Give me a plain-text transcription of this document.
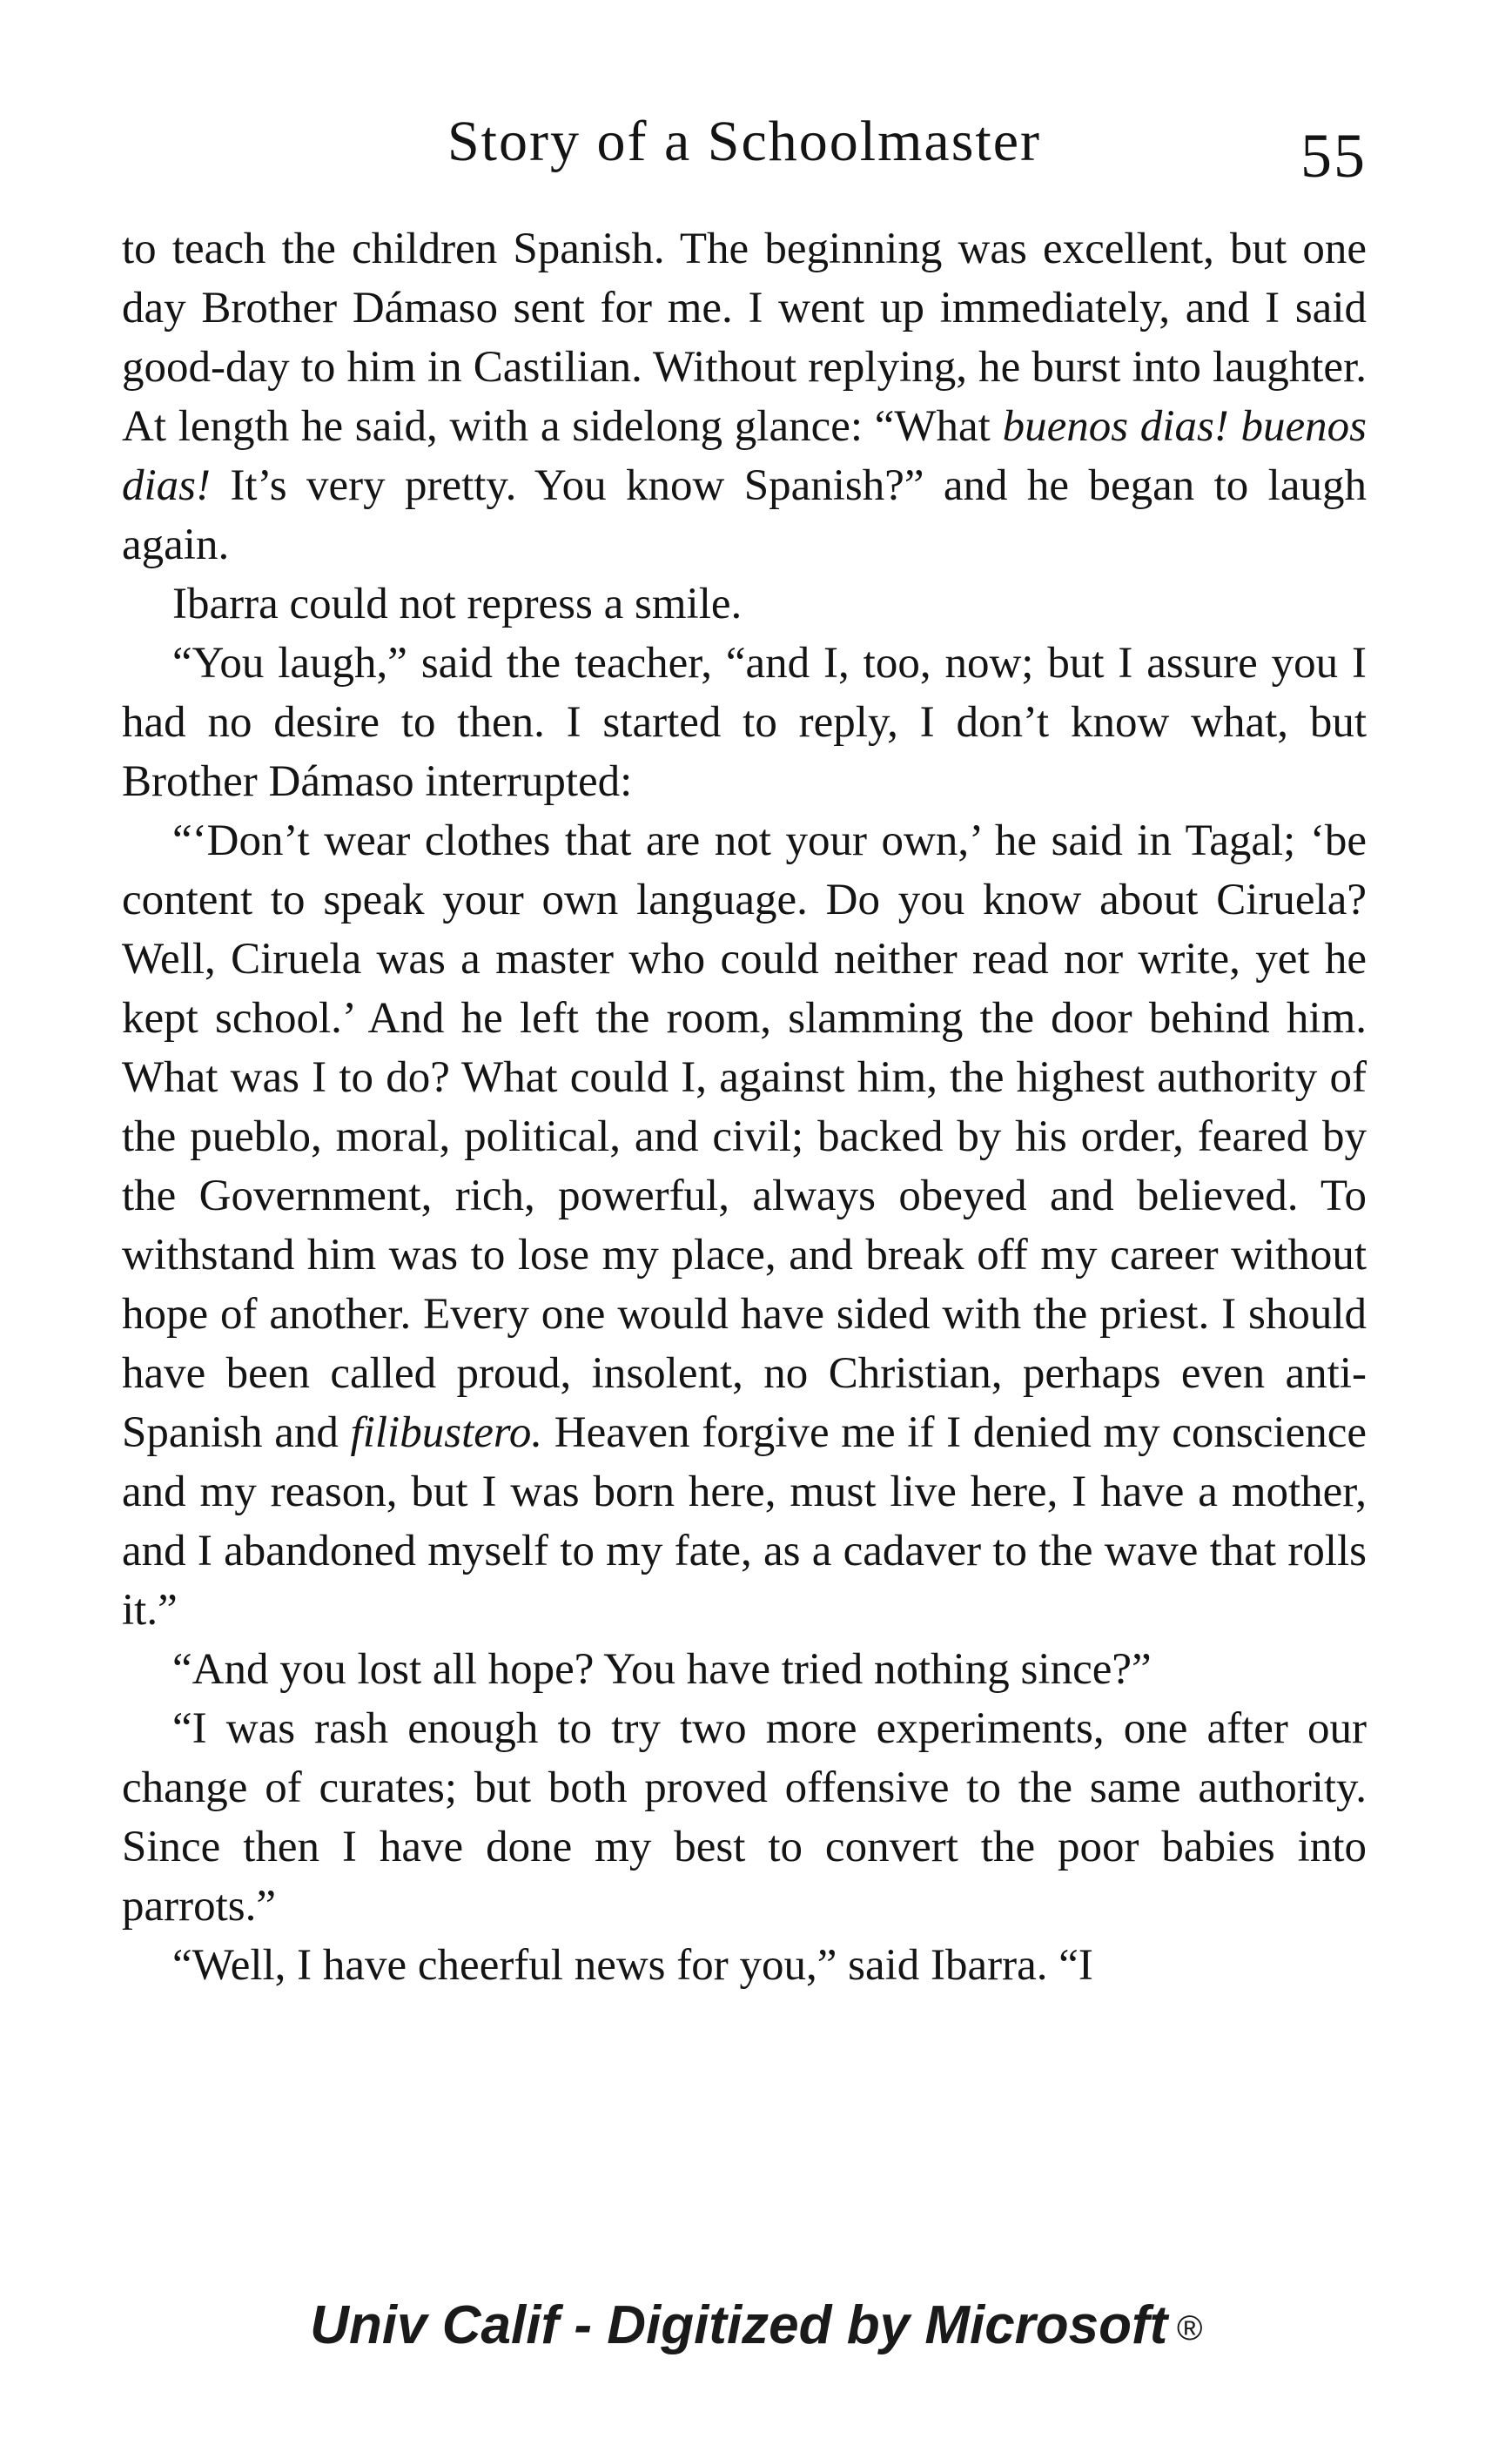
Story of a Schoolmaster	55

to teach the children Spanish. The beginning was excellent, but one day Brother Dámaso sent for me. I went up immediately, and I said good-day to him in Castilian. Without replying, he burst into laughter. At length he said, with a sidelong glance: “What buenos dias! buenos dias! It’s very pretty. You know Spanish?” and he began to laugh again.

Ibarra could not repress a smile.

“You laugh,” said the teacher, “and I, too, now; but I assure you I had no desire to then. I started to reply, I don’t know what, but Brother Dámaso interrupted:

“‘Don’t wear clothes that are not your own,’ he said in Tagal; ‘be content to speak your own language. Do you know about Ciruela? Well, Ciruela was a master who could neither read nor write, yet he kept school.’ And he left the room, slamming the door behind him. What was I to do? What could I, against him, the highest authority of the pueblo, moral, political, and civil; backed by his order, feared by the Government, rich, powerful, always obeyed and believed. To withstand him was to lose my place, and break off my career without hope of another. Every one would have sided with the priest. I should have been called proud, insolent, no Christian, perhaps even anti-Spanish and filibustero. Heaven forgive me if I denied my conscience and my reason, but I was born here, must live here, I have a mother, and I abandoned myself to my fate, as a cadaver to the wave that rolls it.”

“And you lost all hope? You have tried nothing since?”

“I was rash enough to try two more experiments, one after our change of curates; but both proved offensive to the same authority. Since then I have done my best to convert the poor babies into parrots.”

“Well, I have cheerful news for you,” said Ibarra. “I

Univ Calif - Digitized by Microsoft ®
